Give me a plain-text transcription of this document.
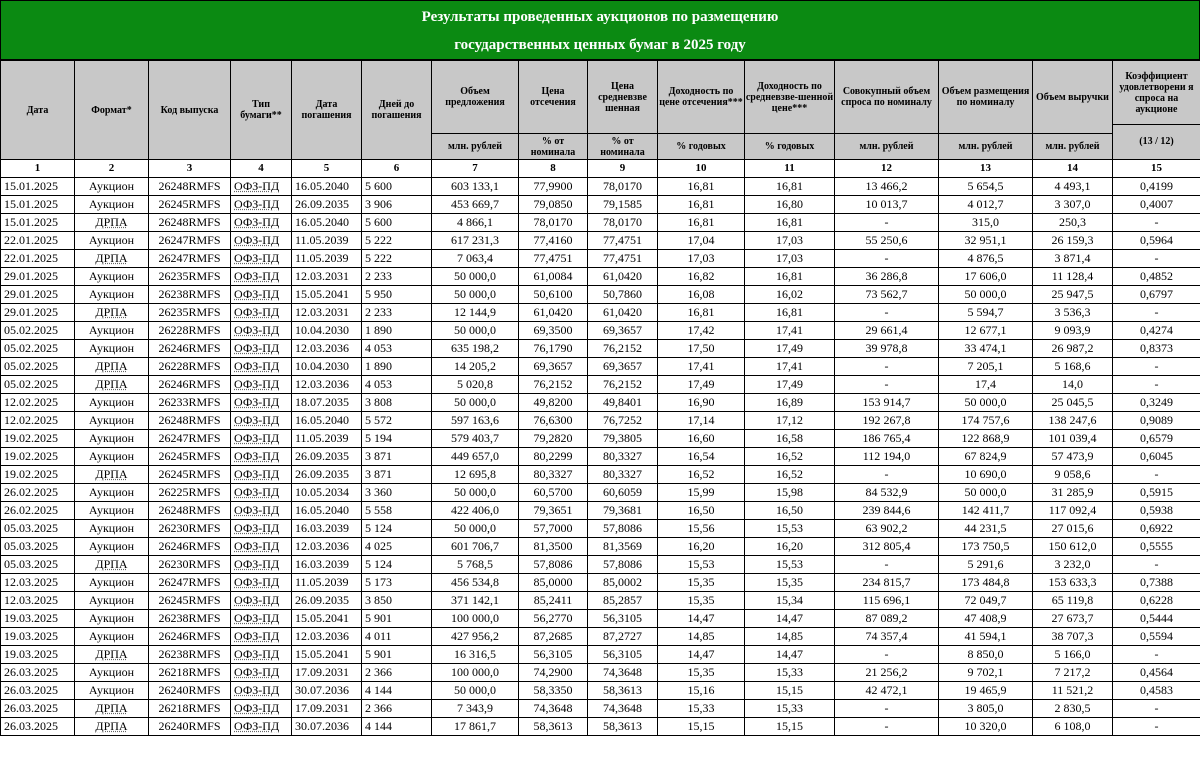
Результаты проведенных аукционов по размещению
государственных ценных бумаг в 2025 году
Дата	Формат*	Код выпуска	Тип бумаги**	Дата погашения	Дней до погашения	Объем предложения	Цена отсечения	Цена средневзве шенная	Доходность по цене отсечения***	Доходность по средневзве-шенной цене***	Совокупный объем спроса по номиналу	Объем размещения по номиналу	Объем выручки	Коэффициент удовлетворени я спроса на аукционе
(13 / 12)

						млн. рублей	% от номинала	% от номинала	% годовых	% годовых	млн. рублей	млн. рублей	млн. рублей	
1	2	3	4	5	6	7	8	9	10	11	12	13	14	15
15.01.2025	Аукцион	26248RMFS	ОФЗ-ПД	16.05.2040	5 600	603 133,1	77,9900	78,0170	16,81	16,81	13 466,2	5 654,5	4 493,1	0,4199
15.01.2025	Аукцион	26245RMFS	ОФЗ-ПД	26.09.2035	3 906	453 669,7	79,0850	79,1585	16,81	16,80	10 013,7	4 012,7	3 307,0	0,4007
15.01.2025	ДРПА	26248RMFS	ОФЗ-ПД	16.05.2040	5 600	4 866,1	78,0170	78,0170	16,81	16,81	-	315,0	250,3	-
22.01.2025	Аукцион	26247RMFS	ОФЗ-ПД	11.05.2039	5 222	617 231,3	77,4160	77,4751	17,04	17,03	55 250,6	32 951,1	26 159,3	0,5964
22.01.2025	ДРПА	26247RMFS	ОФЗ-ПД	11.05.2039	5 222	7 063,4	77,4751	77,4751	17,03	17,03	-	4 876,5	3 871,4	-
29.01.2025	Аукцион	26235RMFS	ОФЗ-ПД	12.03.2031	2 233	50 000,0	61,0084	61,0420	16,82	16,81	36 286,8	17 606,0	11 128,4	0,4852
29.01.2025	Аукцион	26238RMFS	ОФЗ-ПД	15.05.2041	5 950	50 000,0	50,6100	50,7860	16,08	16,02	73 562,7	50 000,0	25 947,5	0,6797
29.01.2025	ДРПА	26235RMFS	ОФЗ-ПД	12.03.2031	2 233	12 144,9	61,0420	61,0420	16,81	16,81	-	5 594,7	3 536,3	-
05.02.2025	Аукцион	26228RMFS	ОФЗ-ПД	10.04.2030	1 890	50 000,0	69,3500	69,3657	17,42	17,41	29 661,4	12 677,1	9 093,9	0,4274
05.02.2025	Аукцион	26246RMFS	ОФЗ-ПД	12.03.2036	4 053	635 198,2	76,1790	76,2152	17,50	17,49	39 978,8	33 474,1	26 987,2	0,8373
05.02.2025	ДРПА	26228RMFS	ОФЗ-ПД	10.04.2030	1 890	14 205,2	69,3657	69,3657	17,41	17,41	-	7 205,1	5 168,6	-
05.02.2025	ДРПА	26246RMFS	ОФЗ-ПД	12.03.2036	4 053	5 020,8	76,2152	76,2152	17,49	17,49	-	17,4	14,0	-
12.02.2025	Аукцион	26233RMFS	ОФЗ-ПД	18.07.2035	3 808	50 000,0	49,8200	49,8401	16,90	16,89	153 914,7	50 000,0	25 045,5	0,3249
12.02.2025	Аукцион	26248RMFS	ОФЗ-ПД	16.05.2040	5 572	597 163,6	76,6300	76,7252	17,14	17,12	192 267,8	174 757,6	138 247,6	0,9089
19.02.2025	Аукцион	26247RMFS	ОФЗ-ПД	11.05.2039	5 194	579 403,7	79,2820	79,3805	16,60	16,58	186 765,4	122 868,9	101 039,4	0,6579
19.02.2025	Аукцион	26245RMFS	ОФЗ-ПД	26.09.2035	3 871	449 657,0	80,2299	80,3327	16,54	16,52	112 194,0	67 824,9	57 473,9	0,6045
19.02.2025	ДРПА	26245RMFS	ОФЗ-ПД	26.09.2035	3 871	12 695,8	80,3327	80,3327	16,52	16,52	-	10 690,0	9 058,6	-
26.02.2025	Аукцион	26225RMFS	ОФЗ-ПД	10.05.2034	3 360	50 000,0	60,5700	60,6059	15,99	15,98	84 532,9	50 000,0	31 285,9	0,5915
26.02.2025	Аукцион	26248RMFS	ОФЗ-ПД	16.05.2040	5 558	422 406,0	79,3651	79,3681	16,50	16,50	239 844,6	142 411,7	117 092,4	0,5938
05.03.2025	Аукцион	26230RMFS	ОФЗ-ПД	16.03.2039	5 124	50 000,0	57,7000	57,8086	15,56	15,53	63 902,2	44 231,5	27 015,6	0,6922
05.03.2025	Аукцион	26246RMFS	ОФЗ-ПД	12.03.2036	4 025	601 706,7	81,3500	81,3569	16,20	16,20	312 805,4	173 750,5	150 612,0	0,5555
05.03.2025	ДРПА	26230RMFS	ОФЗ-ПД	16.03.2039	5 124	5 768,5	57,8086	57,8086	15,53	15,53	-	5 291,6	3 232,0	-
12.03.2025	Аукцион	26247RMFS	ОФЗ-ПД	11.05.2039	5 173	456 534,8	85,0000	85,0002	15,35	15,35	234 815,7	173 484,8	153 633,3	0,7388
12.03.2025	Аукцион	26245RMFS	ОФЗ-ПД	26.09.2035	3 850	371 142,1	85,2411	85,2857	15,35	15,34	115 696,1	72 049,7	65 119,8	0,6228
19.03.2025	Аукцион	26238RMFS	ОФЗ-ПД	15.05.2041	5 901	100 000,0	56,2770	56,3105	14,47	14,47	87 089,2	47 408,9	27 673,7	0,5444
19.03.2025	Аукцион	26246RMFS	ОФЗ-ПД	12.03.2036	4 011	427 956,2	87,2685	87,2727	14,85	14,85	74 357,4	41 594,1	38 707,3	0,5594
19.03.2025	ДРПА	26238RMFS	ОФЗ-ПД	15.05.2041	5 901	16 316,5	56,3105	56,3105	14,47	14,47	-	8 850,0	5 166,0	-
26.03.2025	Аукцион	26218RMFS	ОФЗ-ПД	17.09.2031	2 366	100 000,0	74,2900	74,3648	15,35	15,33	21 256,2	9 702,1	7 217,2	0,4564
26.03.2025	Аукцион	26240RMFS	ОФЗ-ПД	30.07.2036	4 144	50 000,0	58,3350	58,3613	15,16	15,15	42 472,1	19 465,9	11 521,2	0,4583
26.03.2025	ДРПА	26218RMFS	ОФЗ-ПД	17.09.2031	2 366	7 343,9	74,3648	74,3648	15,33	15,33	-	3 805,0	2 830,5	-
26.03.2025	ДРПА	26240RMFS	ОФЗ-ПД	30.07.2036	4 144	17 861,7	58,3613	58,3613	15,15	15,15	-	10 320,0	6 108,0	-
